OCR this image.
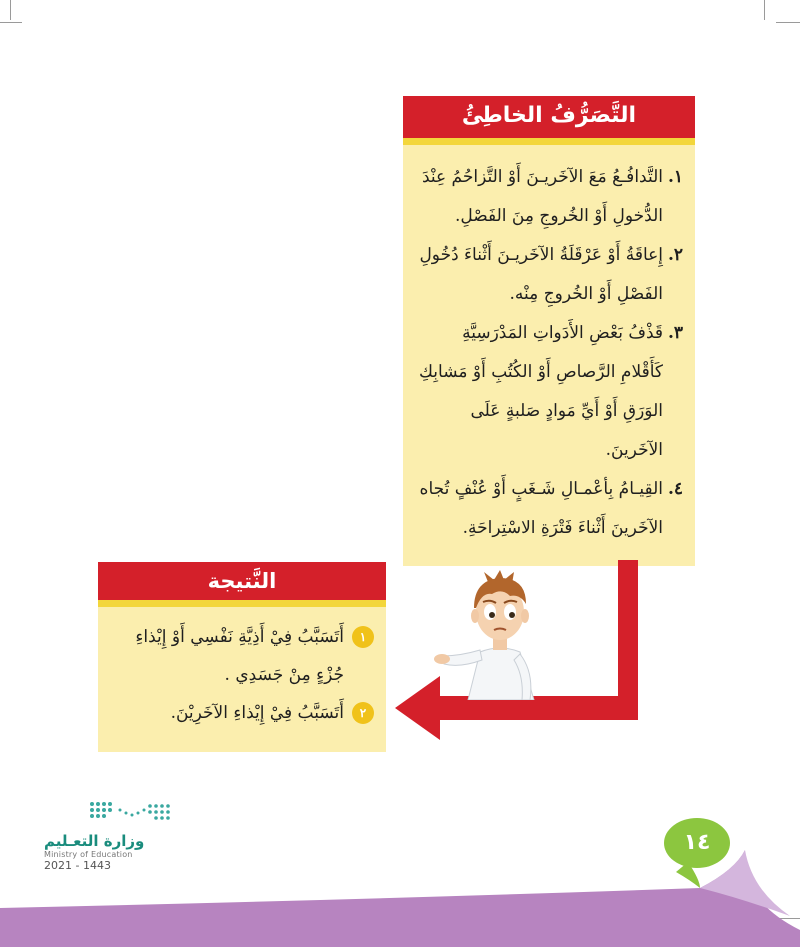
التَّصَرُّفُ الخاطِئُ
١.
التَّدافُـعُ مَعَ الآخَريـنَ أَوْ التَّزاحُمُ عِنْدَ الدُّخولِ أَوْ الخُروجِ مِنَ الفَصْلِ.
٢.
إِعاقَةُ أَوْ عَرْقَلَةُ الآخَريـنَ أَثْناءَ دُخُولِ الفَصْلِ أَوْ الخُروجِ مِنْه.
٣.
قَذْفُ بَعْضِ الأَدَواتِ المَدْرَسِيَّةِ كَأَقْلامِ الرَّصاصِ أَوْ الكُتُبِ أَوْ مَشابِكِ الوَرَقِ أَوْ أَيِّ مَوادٍ صَلبةٍ عَلَى الآخَرينَ.
٤.
القِيـامُ بِأعْمـالِ شَـغَبٍ أَوْ عُنْفٍ تُجاه الآخَرينَ أَثْناءَ فَتْرَةِ الاسْتِراحَةِ.
النَّتيجة
١
أَتَسَبَّبُ فِيْ أَذِيَّةِ نَفْسِي أَوْ إِيْذاءِ جُزْءٍ مِنْ جَسَدِي .
٢
أَتَسَبَّبُ فِيْ إِيْذاءِ الآخَرِيْنَ.
١٤
وزارة التعـليم
Ministry of Education
2021 - 1443
